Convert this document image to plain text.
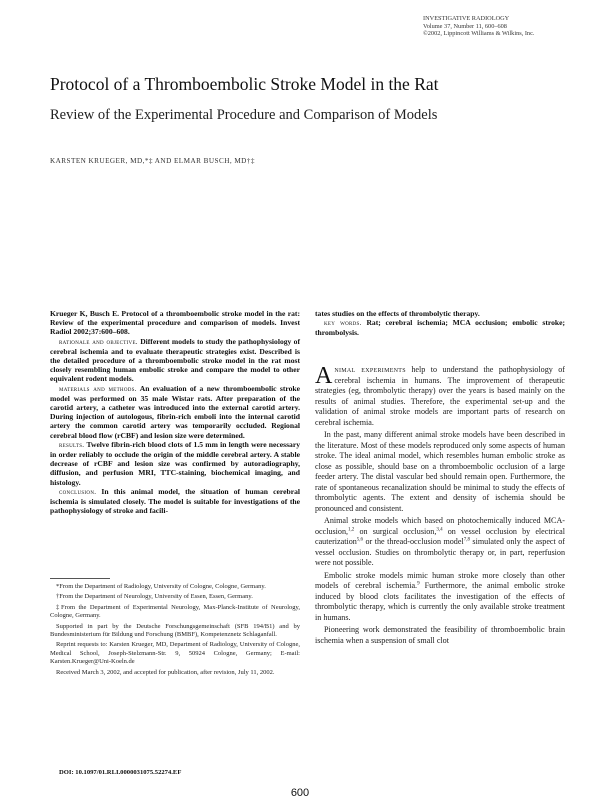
INVESTIGATIVE RADIOLOGY
Volume 37, Number 11, 600–608
©2002, Lippincott Williams & Wilkins, Inc.
Protocol of a Thromboembolic Stroke Model in the Rat
Review of the Experimental Procedure and Comparison of Models
KARSTEN KRUEGER, MD,*‡ AND ELMAR BUSCH, MD†‡

Krueger K, Busch E. Protocol of a thromboembolic stroke model in the rat: Review of the experimental procedure and comparison of models. Invest Radiol 2002;37:600–608.

rationale and objective. Different models to study the pathophysiology of cerebral ischemia and to evaluate therapeutic strategies exist. Described is the detailed procedure of a thromboembolic stroke model in the rat most closely resembling human embolic stroke and compare the model to other equivalent rodent models.

materials and methods. An evaluation of a new thromboembolic stroke model was performed on 35 male Wistar rats. After preparation of the carotid artery, a catheter was introduced into the external carotid artery. During injection of autologous, fibrin-rich emboli into the internal carotid artery the common carotid artery was temporarily occluded. Regional cerebral blood flow (rCBF) and lesion size were determined.

results. Twelve fibrin-rich blood clots of 1.5 mm in length were necessary in order reliably to occlude the origin of the middle cerebral artery. A stable decrease of rCBF and lesion size was confirmed by autoradiography, diffusion, and perfusion MRI, TTC-staining, biochemical imaging, and histology.

conclusion. In this animal model, the situation of human cerebral ischemia is simulated closely. The model is suitable for investigations of the pathophysiology of stroke and facili-

tates studies on the effects of thrombolytic therapy.

key words. Rat; cerebral ischemia; MCA occlusion; embolic stroke; thrombolysis.

*From the Department of Radiology, University of Cologne, Cologne, Germany.

†From the Department of Neurology, University of Essen, Essen, Germany.

‡From the Department of Experimental Neurology, Max-Planck-Institute of Neurology, Cologne, Germany.

Supported in part by the Deutsche Forschungsgemeinschaft (SFB 194/B1) and by Bundesministerium für Bildung und Forschung (BMBF), Kompetenznetz Schlaganfall.

Reprint requests to: Karsten Krueger, MD, Department of Radiology, University of Cologne, Medical School, Joseph-Stelzmann-Str. 9, 50924 Cologne, Germany; E-mail: Karsten.Krueger@Uni-Koeln.de

Received March 3, 2002, and accepted for publication, after revision, July 11, 2002.

DOI: 10.1097/01.RLI.0000031075.52274.EF

Animal experiments help to understand the pathophysiology of cerebral ischemia in humans. The improvement of therapeutic strategies (eg, thrombolytic therapy) over the years is based mainly on the results of animal studies. Therefore, the experimental set-up and the validation of animal stroke models are important parts of research on cerebral ischemia.

In the past, many different animal stroke models have been described in the literature. Most of these models reproduced only some aspects of human stroke. The ideal animal model, which resembles human embolic stroke as close as possible, should base on a thromboembolic occlusion of a large feeder artery. The distal vascular bed should remain open. Furthermore, the rate of spontaneous recanalization should be minimal to study the effects of thrombolytic agents. The extent and density of ischemia should be pronounced and consistent.

Animal stroke models which based on photochemically induced MCA-occlusion,$^{1,2}$ on surgical occlusion,$^{3,4}$ on vessel occlusion by electrical cauterization$^{5,6}$ or the thread-occlusion model$^{7,8}$ simulated only the aspect of vessel occlusion. Studies on thrombolytic therapy or, in part, reperfusion were not possible.

Embolic stroke models mimic human stroke more closely than other models of cerebral ischemia.$^9$ Furthermore, the animal embolic stroke induced by blood clots facilitates the investigation of the effects of thrombolytic therapy, which is currently the only available stroke treatment in humans.

Pioneering work demonstrated the feasibility of thromboembolic brain ischemia when a suspension of small clot

600
